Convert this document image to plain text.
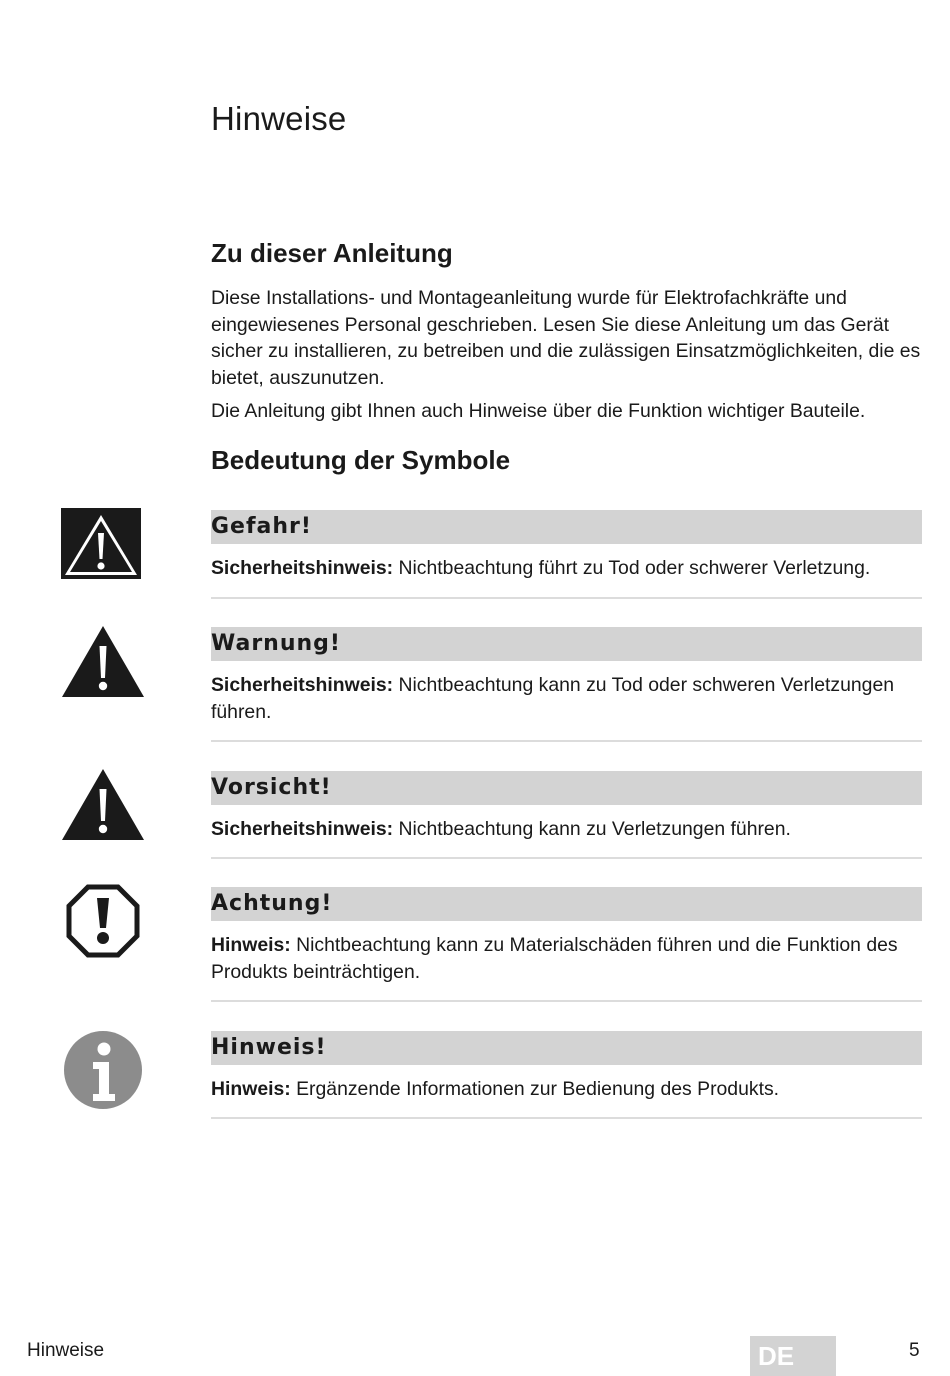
Hinweise
Zu dieser Anleitung
Diese Installations- und Montageanleitung wurde für Elektrofachkräfte und eingewiesenes Personal geschrieben. Lesen Sie diese Anleitung um das Gerät sicher zu installieren, zu betreiben und die zulässigen Einsatzmöglichkeiten, die es bietet, auszunutzen.
Die Anleitung gibt Ihnen auch Hinweise über die Funktion wichtiger Bauteile.
Bedeutung der Symbole
Gefahr!
Sicherheitshinweis: Nichtbeachtung führt zu Tod oder schwerer Verletzung.
Warnung!
Sicherheitshinweis: Nichtbeachtung kann zu Tod oder schweren Verletzungen führen.
Vorsicht!
Sicherheitshinweis: Nichtbeachtung kann zu Verletzungen führen.
Achtung!
Hinweis: Nichtbeachtung kann zu Materialschäden führen und die Funktion des Produkts beinträchtigen.
Hinweis!
Hinweis: Ergänzende Informationen zur Bedienung des Produkts.
Hinweise	DE	5
